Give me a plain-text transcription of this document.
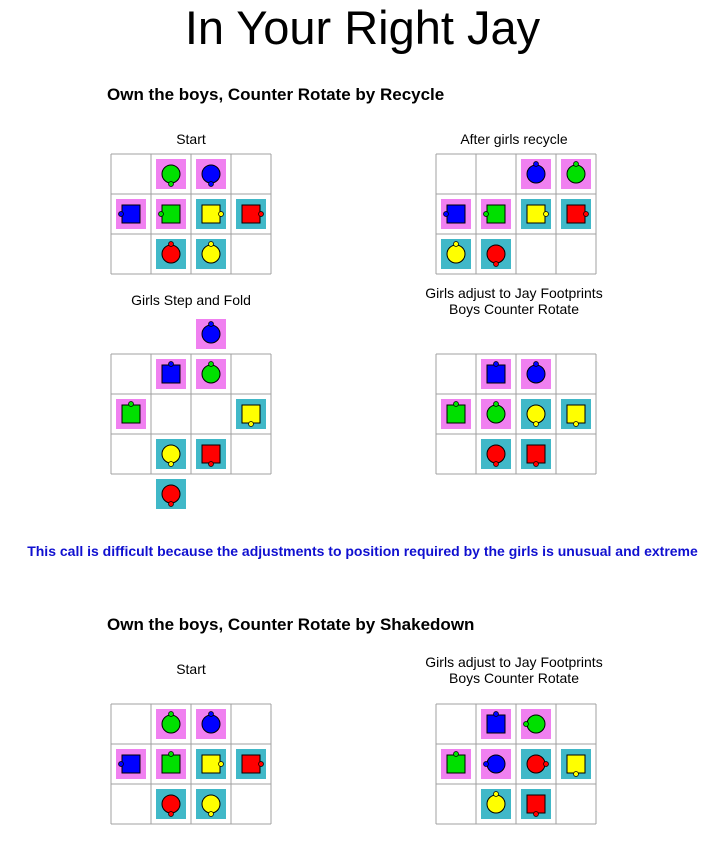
In Your Right Jay
Own the boys, Counter Rotate by Recycle
Start	After girls recycle
Girls Step and Fold	Girls adjust to Jay Footprints
Boys Counter Rotate
This call is difficult because the adjustments to position required by the girls is unusual and extreme
Own the boys, Counter Rotate by Shakedown
Start	Girls adjust to Jay Footprints
Boys Counter Rotate
